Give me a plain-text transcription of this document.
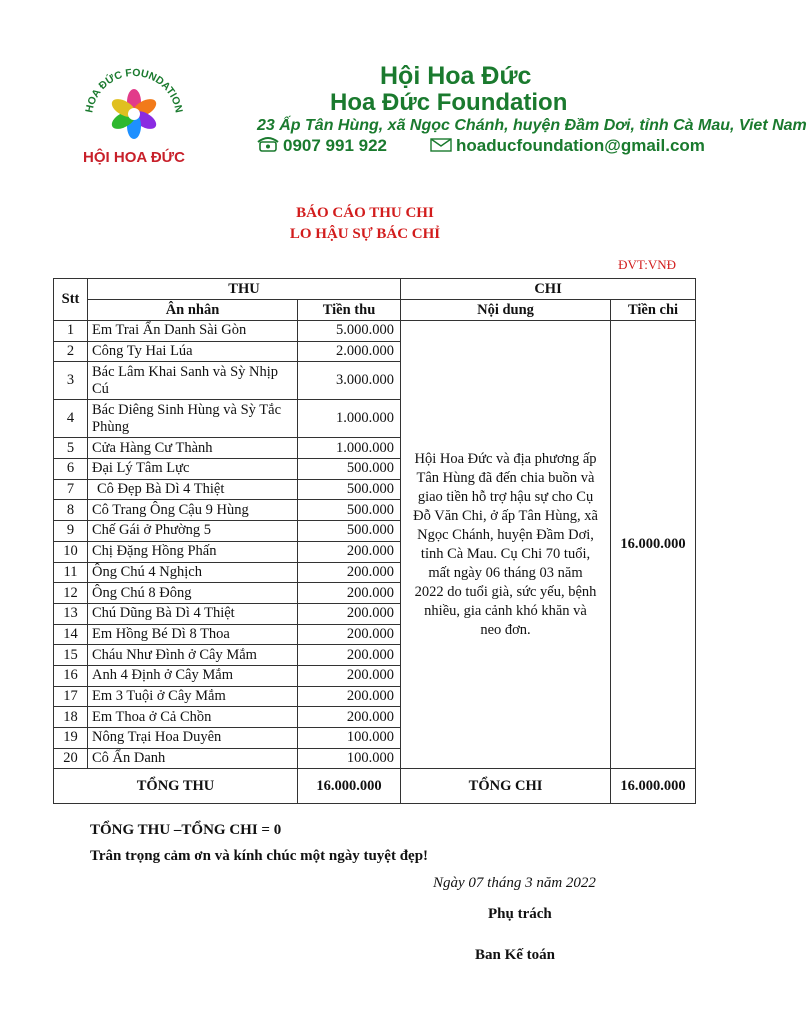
HOA ĐỨC FOUNDATION
HỘI HOA ĐỨC
Hội Hoa Đức
Hoa Đức Foundation
23 Ấp Tân Hùng, xã Ngọc Chánh, huyện Đầm Dơi, tỉnh Cà Mau, Viet Nam
0907 991 922	hoaducfoundation@gmail.com
BÁO CÁO THU CHI
LO HẬU SỰ BÁC CHỈ
ĐVT:VNĐ
Stt	THU		CHI	
	Ân nhân	Tiền thu	Nội dung	Tiền chi
1	Em Trai Ẩn Danh Sài Gòn	5.000.000	Hội Hoa Đức và địa phương ấp Tân Hùng đã đến chia buồn và giao tiền hỗ trợ hậu sự cho Cụ Đỗ Văn Chi, ở ấp Tân Hùng, xã Ngọc Chánh, huyện Đầm Dơi, tỉnh Cà Mau. Cụ Chi 70 tuổi, mất ngày 06 tháng 03 năm 2022 do tuổi già, sức yếu, bệnh nhiều, gia cảnh khó khăn và neo đơn.	16.000.000
2	Công Ty Hai Lúa	2.000.000		
3	Bác Lâm Khai Sanh và Sỳ Nhịp Cú	3.000.000		
4	Bác Diêng Sinh Hùng và Sỳ Tắc Phùng	1.000.000		
5	Cửa Hàng Cư Thành	1.000.000		
6	Đại Lý Tâm Lực	500.000		
7	Cô Đẹp Bà Dì 4 Thiệt	500.000		
8	Cô Trang Ông Cậu 9 Hùng	500.000		
9	Chế Gái ở Phường 5	500.000		
10	Chị Đặng Hồng Phấn	200.000		
11	Ông Chú 4 Nghịch	200.000		
12	Ông Chú 8 Đông	200.000		
13	Chú Dũng Bà Dì 4 Thiệt	200.000		
14	Em Hồng Bé Dì 8 Thoa	200.000		
15	Cháu Như Đình ở Cây Mắm	200.000		
16	Anh 4 Định ở Cây Mắm	200.000		
17	Em 3 Tuội ở Cây Mắm	200.000		
18	Em Thoa ở Cả Chồn	200.000		
19	Nông Trại Hoa Duyên	100.000		
20	Cô Ẩn Danh	100.000		
TỔNG THU		16.000.000	TỔNG CHI	16.000.000
TỔNG THU –TỔNG CHI = 0
Trân trọng cảm ơn và kính chúc một ngày tuyệt đẹp!
Ngày 07 tháng 3 năm 2022
Phụ trách
Ban Kế toán
